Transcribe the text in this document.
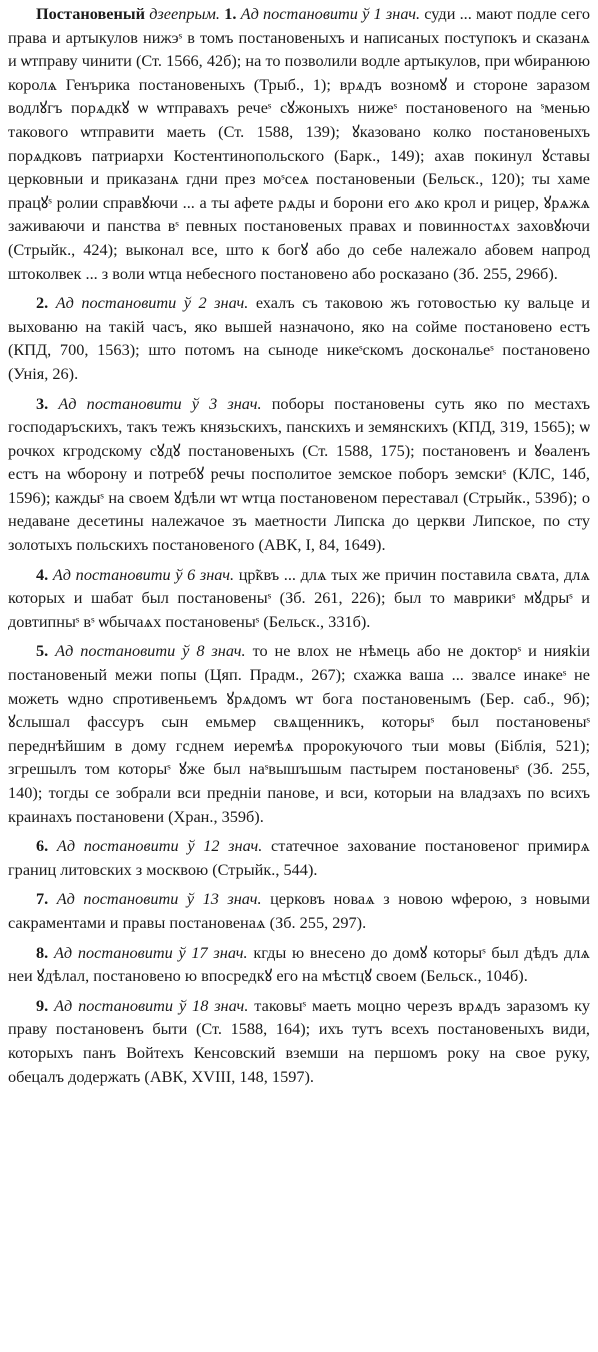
Постановеный дзеепрым. 1. Ад постановити ў 1 знач. суди ... мают подле сего права и артыкулов нижэˢ в томъ постановеныхъ и написаных поступокъ и сказанѧ и ѡтправу чинити (Ст. 1566, 42б); на то позволили водле артыкулов, при ѡбиранюю королѧ Генърика постановеныхъ (Трыб., 1); врѧдъ возномꙋ и стороне заразом водлꙋгъ порѧдкꙋ ѡ ѡтправахъ речеˢ сꙋжоныхъ нижеˢ постановеного на ˢменью таковогo ѡтправити маеть (Ст. 1588, 139); ꙋказовано колко постановеныхъ порѧдковъ патриархи Костентинопольского (Барк., 149); ахав покинул ꙋставы церковныи и приказанѧ гдни през моˢсеѧ постановеныи (Бельск., 120); ты хаме працꙋˢ ролии справꙋючи ... а ты афете рѧды и борони его ѧко крол и рицер, ꙋрѧжѧ заживаючи и панства вˢ певных постановеных правах и повинностѧх заховꙋючи (Стрыйк., 424); выконал все, што к богꙋ або до себе належало абовем напрод штоколвек ... з воли ѡтца небесного постановено або росказано (Зб. 255, 296б).

2. Ад постановити ў 2 знач. ехалъ съ таковою жъ готовостью ку вальце и выхованю на такій часъ, яко вышей назначоно, яко на сойме постановено естъ (КПД, 700, 1563); што потомъ на сыноде никеˢскомъ доскональеˢ постановено (Унія, 26).

3. Ад постановити ў 3 знач. поборы постановены суть яко по местахъ господаръскихъ, такъ тежъ князьскихъ, панскихъ и земянскихъ (КПД, 319, 1565); ѡ рочкох кгродскому сꙋдꙋ постановеныхъ (Ст. 1588, 175); постановенъ и ꙋѳаленъ естъ на ѡборону и потребꙋ речы посполитое земское поборъ земскиˢ (КЛС, 14б, 1596); каждыˢ на своем ꙋдѣли ѡт ѡтца постановеном переставал (Стрыйк., 539б); о недаване десетины належачое зъ маетности Липска до церкви Липское, по сту золотыхъ польскихъ постановеного (АВК, I, 84, 1649).

4. Ад постановити ў 6 знач. цр̃квъ ... длѧ тых же причин поставила свѧта, длѧ которых и шабат был постановеныˢ (Зб. 261, 226); был то маврикиˢ мꙋдрыˢ и довтипныˢ вˢ ѡбычаѧх постановеныˢ (Бельск., 331б).

5. Ад постановити ў 8 знач. то не влох не нѣмець або не докторˢ и нияkiи постановеный межи попы (Цяп. Прадм., 267); схажка ваша ... звалсе инакеˢ не можеть ѡдно спротивеньемъ ꙋрѧдомъ ѡт бога постановенымъ (Бер. саб., 9б); ꙋслышал фассуръ сын емьмер свѧщенникъ, которыˢ был постановеныˢ переднѣйшим в дому гсднем иеремѣѧ пророкуючого тыи мовы (Біблія, 521); згрешылъ том которыˢ ꙋже был наˢвышъшым пастырем постановеныˢ (Зб. 255, 140); тогды се зобрали вси предніи панове, и вси, которыи на владзахъ по всихъ краинахъ постановени (Хран., 359б).

6. Ад постановити ў 12 знач. статечное захование постановеног примирѧ границ литовских з москвою (Стрыйк., 544).

7. Ад постановити ў 13 знач. церковъ новаѧ з новою ѡферою, з новыми сакраментами и правы постановенаѧ (Зб. 255, 297).

8. Ад постановити ў 17 знач. кгды ю внесено до домꙋ которыˢ был дѣдъ длѧ неи ꙋдѣлал, постановено ю впосредкꙋ его на мѣстцꙋ своем (Бельск., 104б).

9. Ад постановити ў 18 знач. таковыˢ маеть моцно черезъ врѧдъ заразомъ ку праву постановенъ быти (Ст. 1588, 164); ихъ тутъ всехъ постановеныхъ види, которыхъ панъ Войтехъ Кенсовский вземши на першомъ року на свое руку, обецалъ додержать (АВК, XVIII, 148, 1597).
